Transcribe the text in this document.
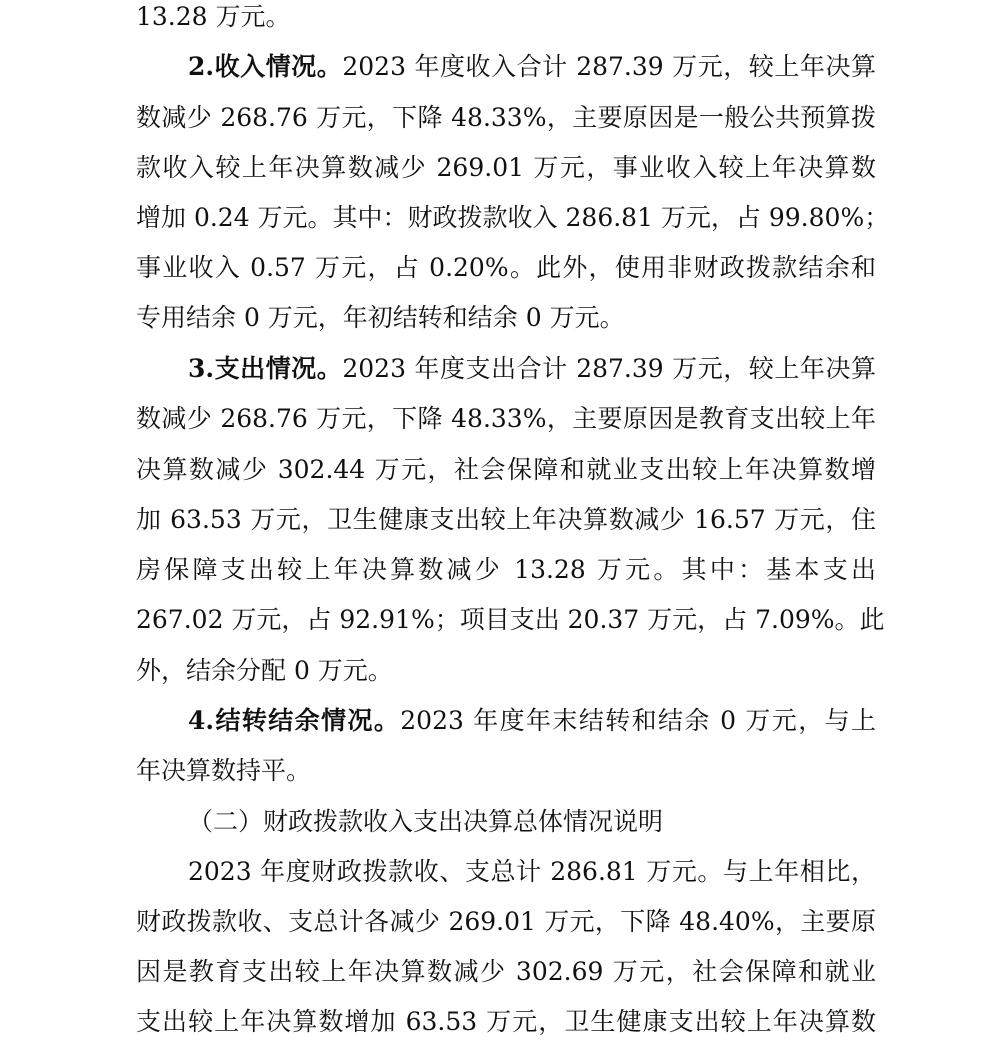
13.28 万元。
2.收入情况。2023 年度收入合计 287.39 万元，较上年决算
数减少 268.76 万元，下降 48.33%，主要原因是一般公共预算拨
款收入较上年决算数减少 269.01 万元，事业收入较上年决算数
增加 0.24 万元。其中：财政拨款收入 286.81 万元，占 99.80%；
事业收入 0.57 万元，占 0.20%。此外，使用非财政拨款结余和
专用结余 0 万元，年初结转和结余 0 万元。
3.支出情况。2023 年度支出合计 287.39 万元，较上年决算
数减少 268.76 万元，下降 48.33%，主要原因是教育支出较上年
决算数减少 302.44 万元，社会保障和就业支出较上年决算数增
加 63.53 万元，卫生健康支出较上年决算数减少 16.57 万元，住
房保障支出较上年决算数减少 13.28 万元。其中：基本支出
267.02 万元，占 92.91%；项目支出 20.37 万元，占 7.09%。此
外，结余分配 0 万元。
4.结转结余情况。2023 年度年末结转和结余 0 万元，与上
年决算数持平。
（二）财政拨款收入支出决算总体情况说明
2023 年度财政拨款收、支总计 286.81 万元。与上年相比，
财政拨款收、支总计各减少 269.01 万元，下降 48.40%，主要原
因是教育支出较上年决算数减少 302.69 万元，社会保障和就业
支出较上年决算数增加 63.53 万元，卫生健康支出较上年决算数
